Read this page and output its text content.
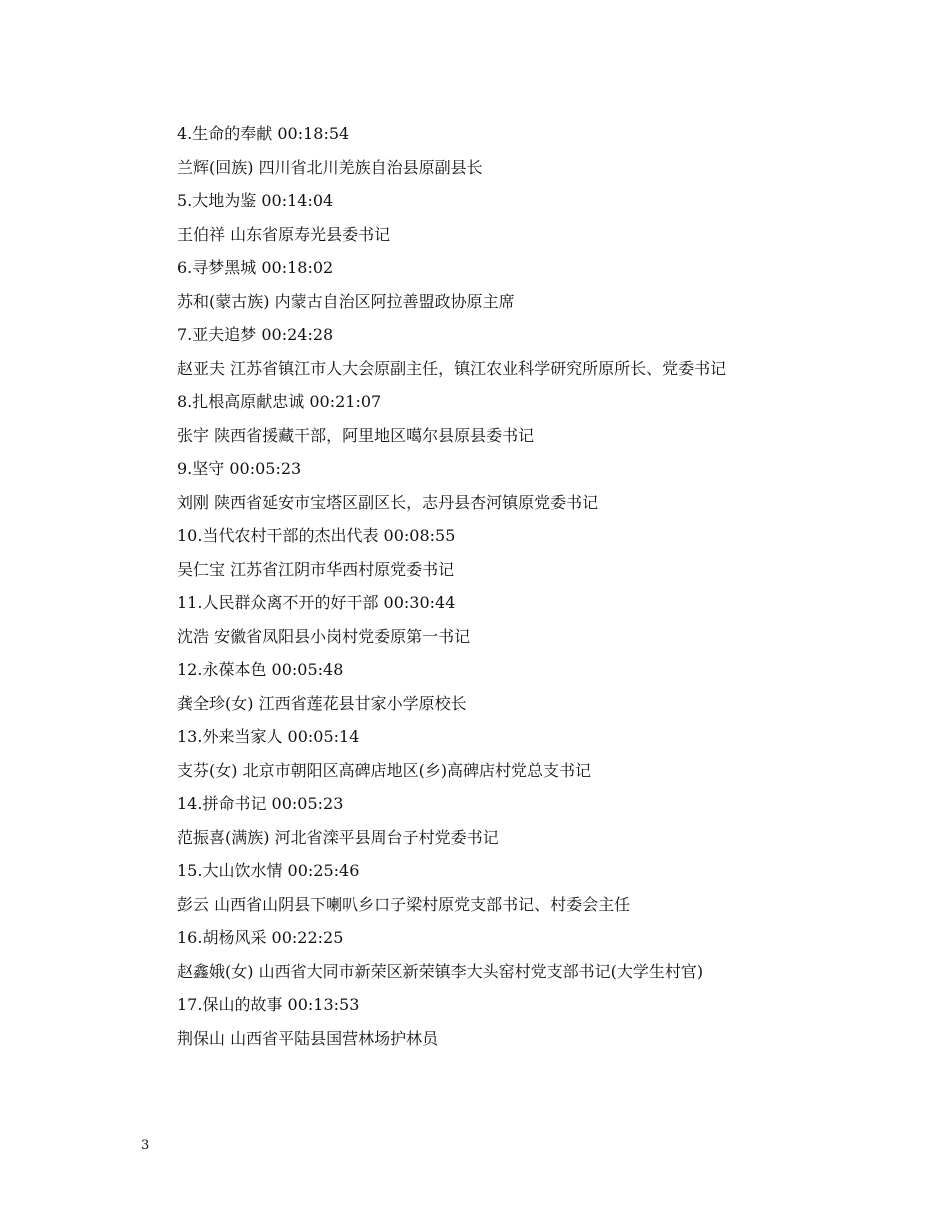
4.生命的奉献 00:18:54
兰辉(回族) 四川省北川羌族自治县原副县长
5.大地为鉴 00:14:04
王伯祥 山东省原寿光县委书记
6.寻梦黑城 00:18:02
苏和(蒙古族) 内蒙古自治区阿拉善盟政协原主席
7.亚夫追梦 00:24:28
赵亚夫 江苏省镇江市人大会原副主任，镇江农业科学研究所原所长、党委书记
8.扎根高原献忠诚 00:21:07
张宇 陕西省援藏干部，阿里地区噶尔县原县委书记
9.坚守 00:05:23
刘刚 陕西省延安市宝塔区副区长，志丹县杏河镇原党委书记
10.当代农村干部的杰出代表 00:08:55
吴仁宝 江苏省江阴市华西村原党委书记
11.人民群众离不开的好干部 00:30:44
沈浩 安徽省凤阳县小岗村党委原第一书记
12.永葆本色 00:05:48
龚全珍(女) 江西省莲花县甘家小学原校长
13.外来当家人 00:05:14
支芬(女) 北京市朝阳区高碑店地区(乡)高碑店村党总支书记
14.拼命书记 00:05:23
范振喜(满族) 河北省滦平县周台子村党委书记
15.大山饮水情 00:25:46
彭云 山西省山阴县下喇叭乡口子梁村原党支部书记、村委会主任
16.胡杨风采 00:22:25
赵鑫娥(女) 山西省大同市新荣区新荣镇李大头窑村党支部书记(大学生村官)
17.保山的故事 00:13:53
荆保山 山西省平陆县国营林场护林员
3
